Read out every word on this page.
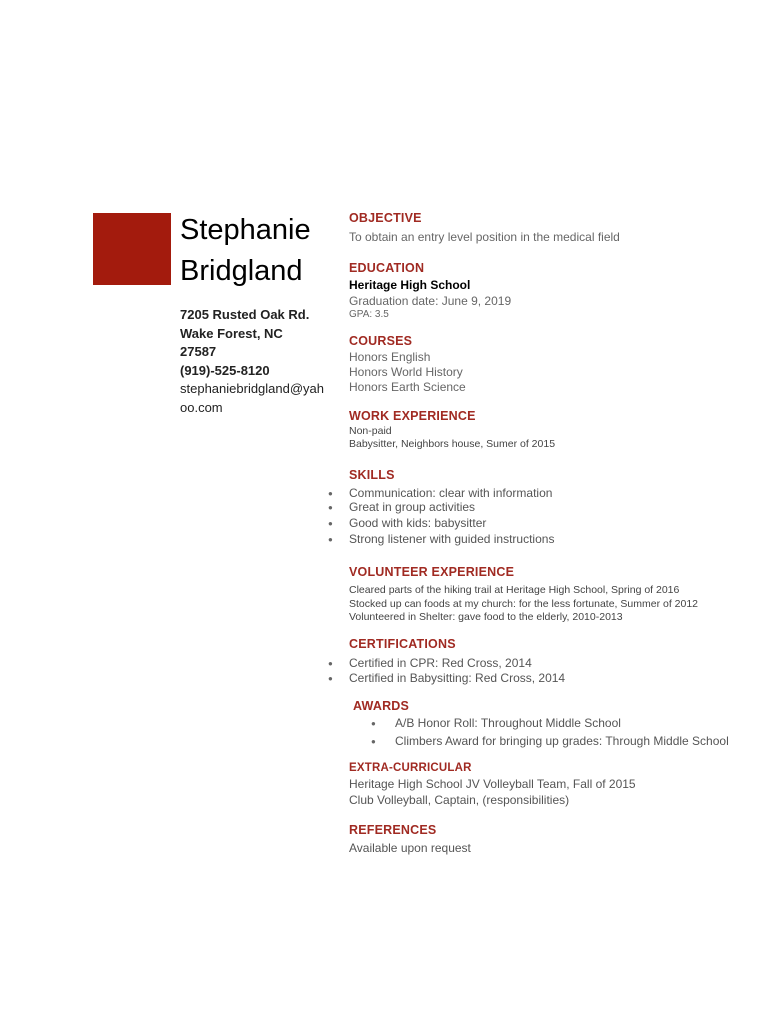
Stephanie
Bridgland
7205 Rusted Oak Rd.
Wake Forest, NC
27587
(919)-525-8120
stephaniebridgland@yahoo.com
OBJECTIVE
To obtain an entry level position in the medical field
EDUCATION
Heritage High School
Graduation date: June 9, 2019
GPA: 3.5
COURSES
Honors English
Honors World History
Honors Earth Science
WORK EXPERIENCE
Non-paid
Babysitter, Neighbors house, Sumer of 2015
SKILLS
● Communication: clear with information
● Great in group activities
● Good with kids: babysitter
● Strong listener with guided instructions
VOLUNTEER EXPERIENCE
Cleared parts of the hiking trail at Heritage High School, Spring of 2016
Stocked up can foods at my church: for the less fortunate, Summer of 2012
Volunteered in Shelter: gave food to the elderly, 2010-2013
CERTIFICATIONS
● Certified in CPR: Red Cross, 2014
● Certified in Babysitting: Red Cross, 2014
AWARDS
● A/B Honor Roll: Throughout Middle School
● Climbers Award for bringing up grades: Through Middle School
EXTRA-CURRICULAR
Heritage High School JV Volleyball Team, Fall of 2015
Club Volleyball, Captain, (responsibilities)
REFERENCES
Available upon request
